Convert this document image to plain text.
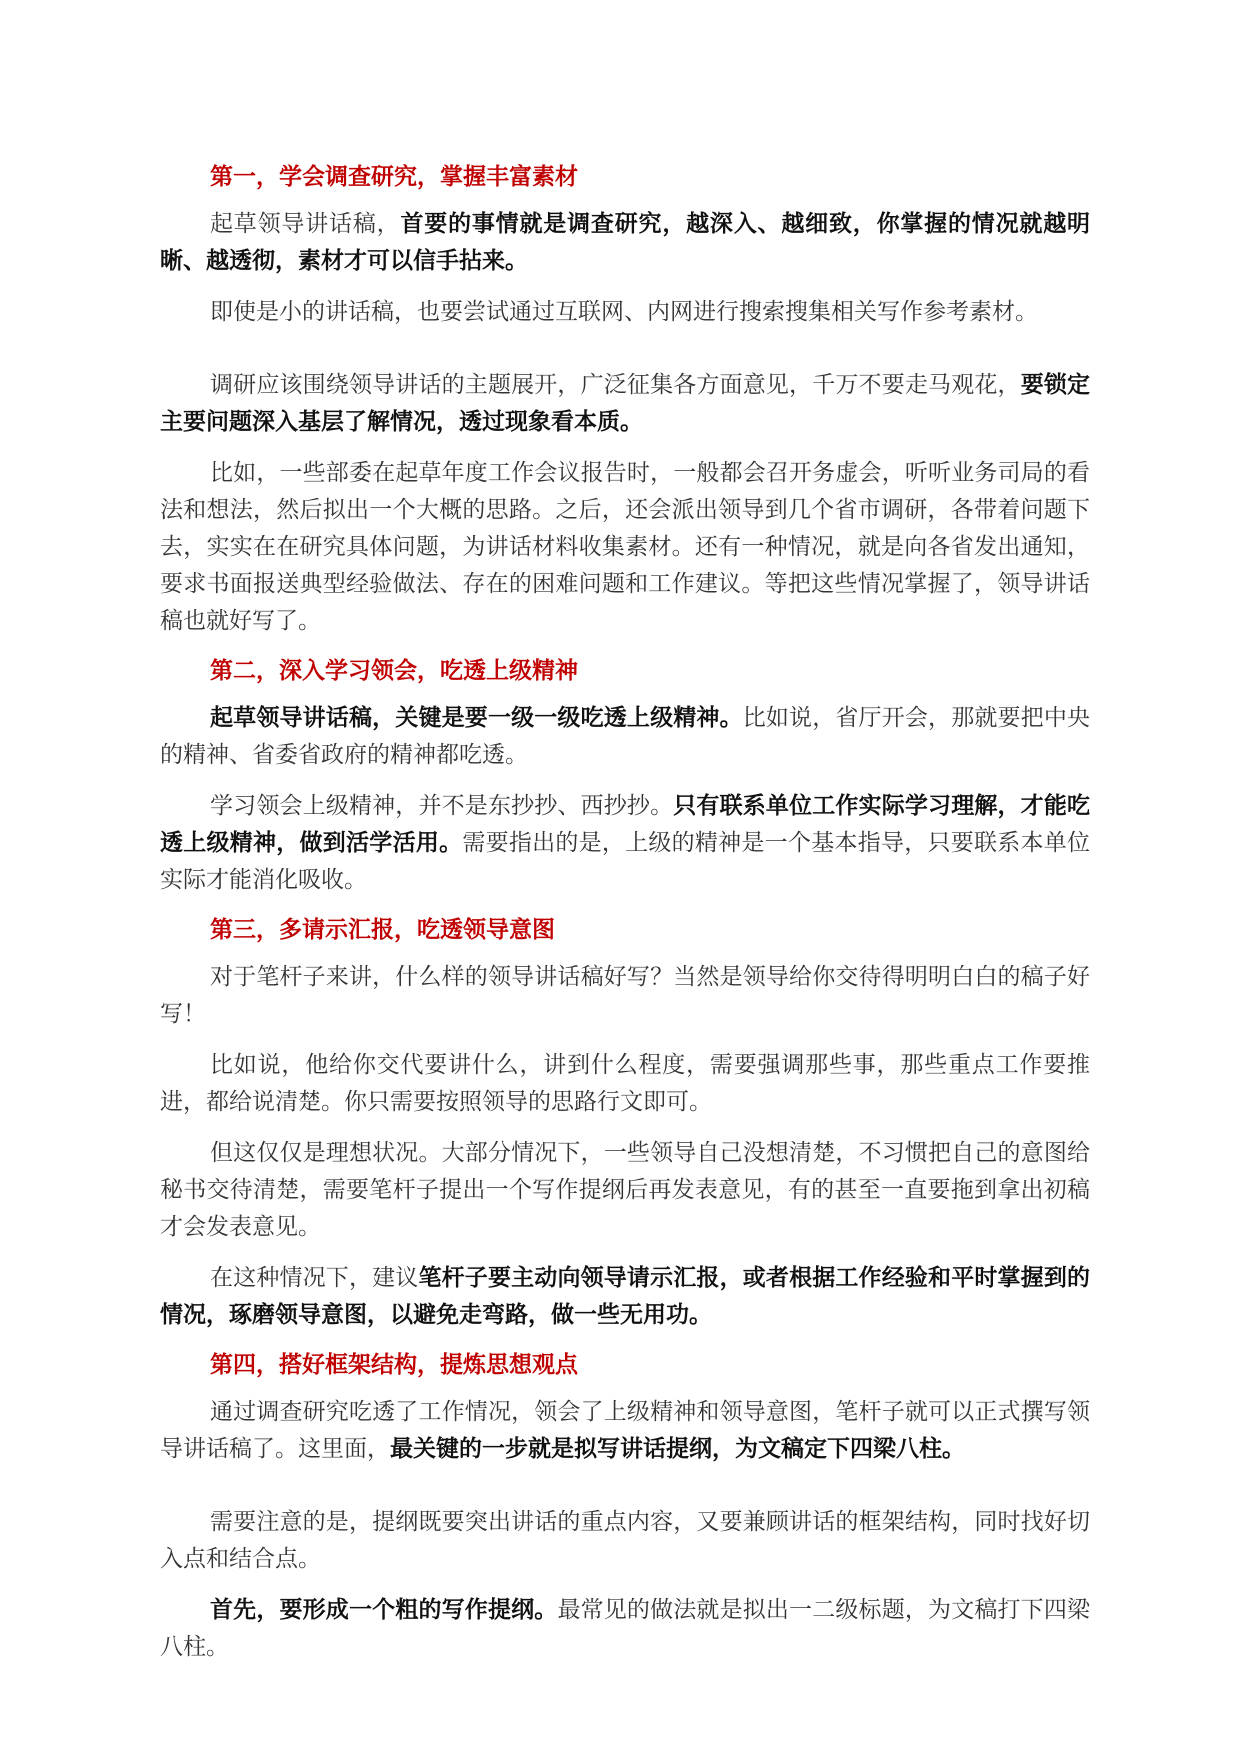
第一，学会调查研究，掌握丰富素材

起草领导讲话稿，首要的事情就是调查研究，越深入、越细致，你掌握的情况就越明晰、越透彻，素材才可以信手拈来。

即使是小的讲话稿，也要尝试通过互联网、内网进行搜索搜集相关写作参考素材。

调研应该围绕领导讲话的主题展开，广泛征集各方面意见，千万不要走马观花，要锁定主要问题深入基层了解情况，透过现象看本质。

比如，一些部委在起草年度工作会议报告时，一般都会召开务虚会，听听业务司局的看法和想法，然后拟出一个大概的思路。之后，还会派出领导到几个省市调研，各带着问题下去，实实在在研究具体问题，为讲话材料收集素材。还有一种情况，就是向各省发出通知，要求书面报送典型经验做法、存在的困难问题和工作建议。等把这些情况掌握了，领导讲话稿也就好写了。

第二，深入学习领会，吃透上级精神

起草领导讲话稿，关键是要一级一级吃透上级精神。比如说，省厅开会，那就要把中央的精神、省委省政府的精神都吃透。

学习领会上级精神，并不是东抄抄、西抄抄。只有联系单位工作实际学习理解，才能吃透上级精神，做到活学活用。需要指出的是，上级的精神是一个基本指导，只要联系本单位实际才能消化吸收。

第三，多请示汇报，吃透领导意图

对于笔杆子来讲，什么样的领导讲话稿好写？当然是领导给你交待得明明白白的稿子好写！

比如说，他给你交代要讲什么，讲到什么程度，需要强调那些事，那些重点工作要推进，都给说清楚。你只需要按照领导的思路行文即可。

但这仅仅是理想状况。大部分情况下，一些领导自己没想清楚，不习惯把自己的意图给秘书交待清楚，需要笔杆子提出一个写作提纲后再发表意见，有的甚至一直要拖到拿出初稿才会发表意见。

在这种情况下，建议笔杆子要主动向领导请示汇报，或者根据工作经验和平时掌握到的情况，琢磨领导意图，以避免走弯路，做一些无用功。

第四，搭好框架结构，提炼思想观点

通过调查研究吃透了工作情况，领会了上级精神和领导意图，笔杆子就可以正式撰写领导讲话稿了。这里面，最关键的一步就是拟写讲话提纲，为文稿定下四梁八柱。

需要注意的是，提纲既要突出讲话的重点内容，又要兼顾讲话的框架结构，同时找好切入点和结合点。

首先，要形成一个粗的写作提纲。最常见的做法就是拟出一二级标题，为文稿打下四梁八柱。
